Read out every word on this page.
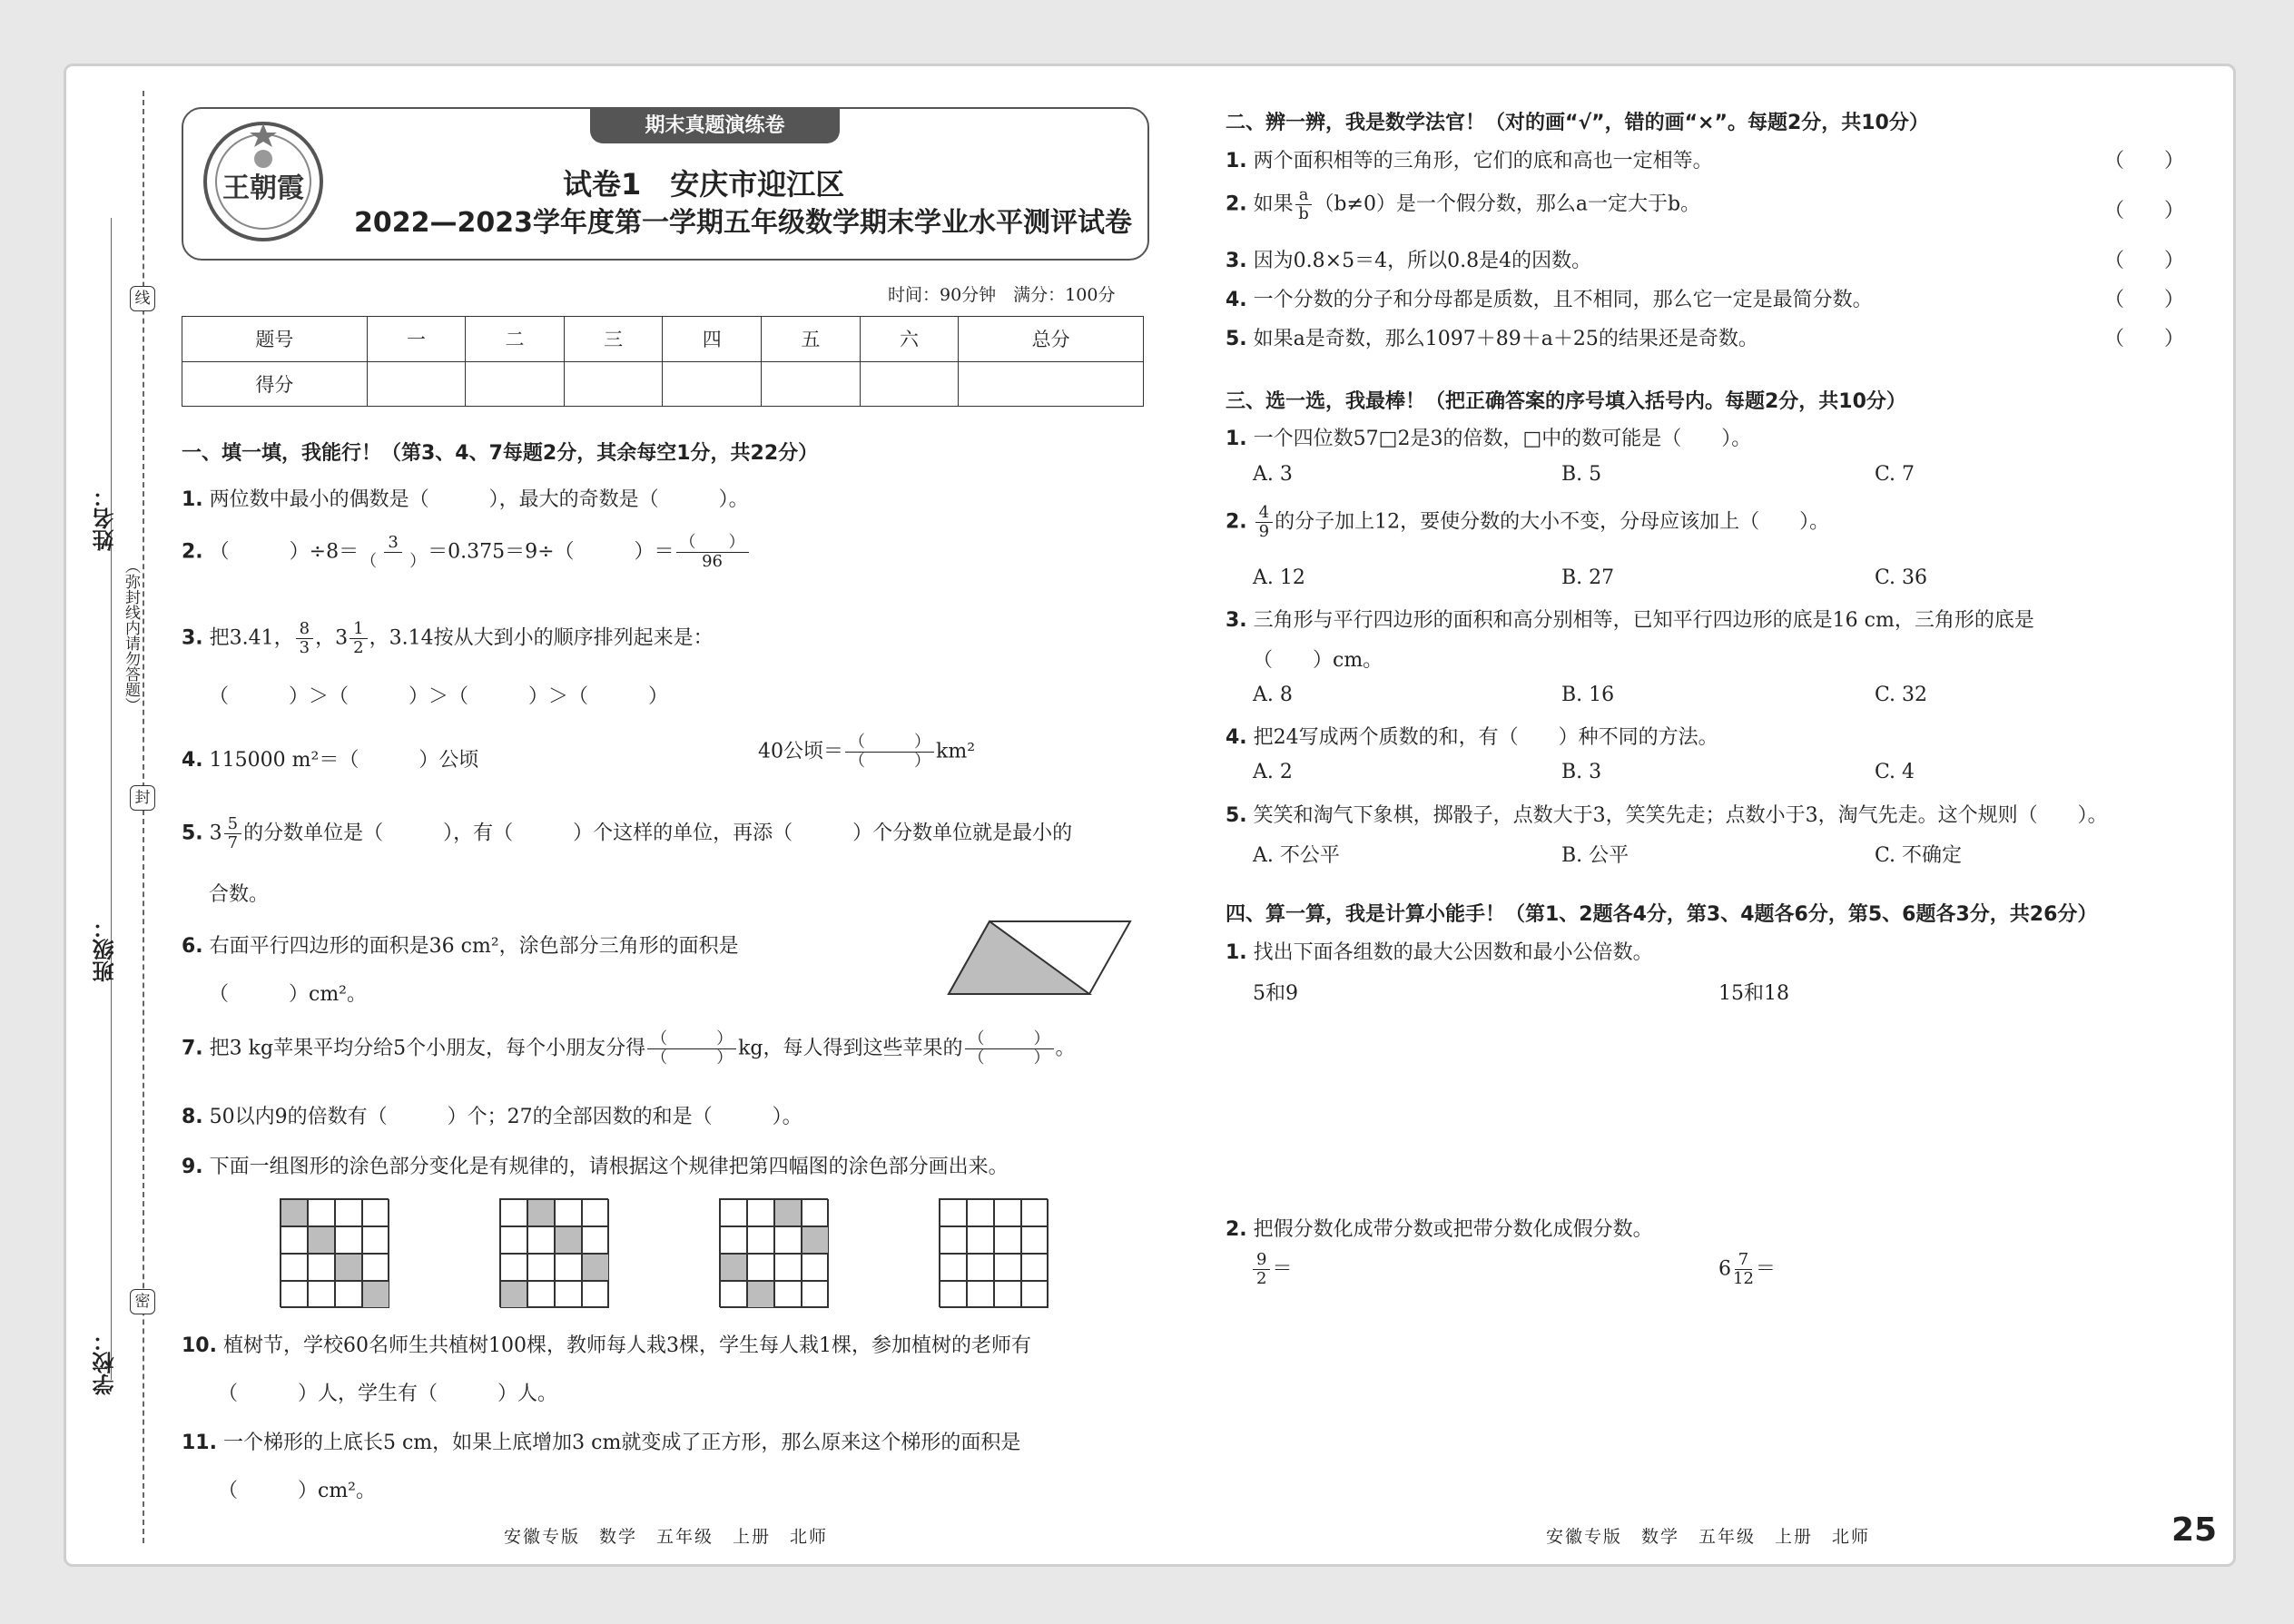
学校：
班级：
姓名：
线
封
密
（弥封线内请勿答题）
期末真题演练卷
王朝霞	试卷1　安庆市迎江区
2022—2023学年度第一学期五年级数学期末学业水平测评试卷
时间：90分钟　满分：100分
题号	一	二	三	四	五	六	总分
得分							
一、填一填，我能行！（第3、4、7每题2分，其余每空1分，共22分）
1. 两位数中最小的偶数是（　　　），最大的奇数是（　　　）。
2. （　　　）$\div 8= \frac{3}{( )} =0.375=9\div$（　　　）＝ $\frac{( )}{96}$
3. 把3.41， $\frac{8}{3}$ ，$3 \frac{1}{2}$ ，3.14按从大到小的顺序排列起来是：
（　　　）＞（　　　）＞（　　　）＞（　　　）
4. 115000 m²＝（　　　）公顷	40公顷＝ $\frac{( )}{( )} km^2$
5. $3 \frac{5}{7}$ 的分数单位是（　　　），有（　　　）个这样的单位，再添（　　　）个分数单位就是最小的
合数。
6. 右面平行四边形的面积是36 cm²，涂色部分三角形的面积是
（　　　）cm²。
7. 把3 kg苹果平均分给5个小朋友，每个小朋友分得 $\frac{( )}{( )}$ kg，每人得到这些苹果的 $\frac{( )}{( )}$ 。
8. 50以内9的倍数有（　　　）个；27的全部因数的和是（　　　）。
9. 下面一组图形的涂色部分变化是有规律的，请根据这个规律把第四幅图的涂色部分画出来。
10. 植树节，学校60名师生共植树100棵，教师每人栽3棵，学生每人栽1棵，参加植树的老师有
（　　　）人，学生有（　　　）人。
11. 一个梯形的上底长5 cm，如果上底增加3 cm就变成了正方形，那么原来这个梯形的面积是
（　　　）cm²。
安徽专版　数学　五年级　上册　北师
二、辨一辨，我是数学法官！（对的画“√”，错的画“×”。每题2分，共10分）
1. 两个面积相等的三角形，它们的底和高也一定相等。	（　　）
2. 如果 $\frac{a}{b} (b\ne 0)$是一个假分数，那么a一定大于b。	（　　）
3. 因为0.8×5＝4，所以0.8是4的因数。	（　　）
4. 一个分数的分子和分母都是质数，且不相同，那么它一定是最简分数。	（　　）
5. 如果a是奇数，那么1097＋89＋a＋25的结果还是奇数。	（　　）
三、选一选，我最棒！（把正确答案的序号填入括号内。每题2分，共10分）
1. 一个四位数57□2是3的倍数，□中的数可能是（　　）。
A. 3	B. 5	C. 7
2. $\frac{4}{9}$ 的分子加上12，要使分数的大小不变，分母应该加上（　　）。
A. 12	B. 27	C. 36
3. 三角形与平行四边形的面积和高分别相等，已知平行四边形的底是16 cm，三角形的底是
（　　）cm。
A. 8	B. 16	C. 32
4. 把24写成两个质数的和，有（　　）种不同的方法。
A. 2	B. 3	C. 4
5. 笑笑和淘气下象棋，掷骰子，点数大于3，笑笑先走；点数小于3，淘气先走。这个规则（　　）。
A. 不公平	B. 公平	C. 不确定
四、算一算，我是计算小能手！（第1、2题各4分，第3、4题各6分，第5、6题各3分，共26分）
1. 找出下面各组数的最大公因数和最小公倍数。
5和9	15和18
2. 把假分数化成带分数或把带分数化成假分数。
$\frac{9}{2}$ ＝	$6 \frac{7}{12}$ ＝
安徽专版　数学　五年级　上册　北师	25
